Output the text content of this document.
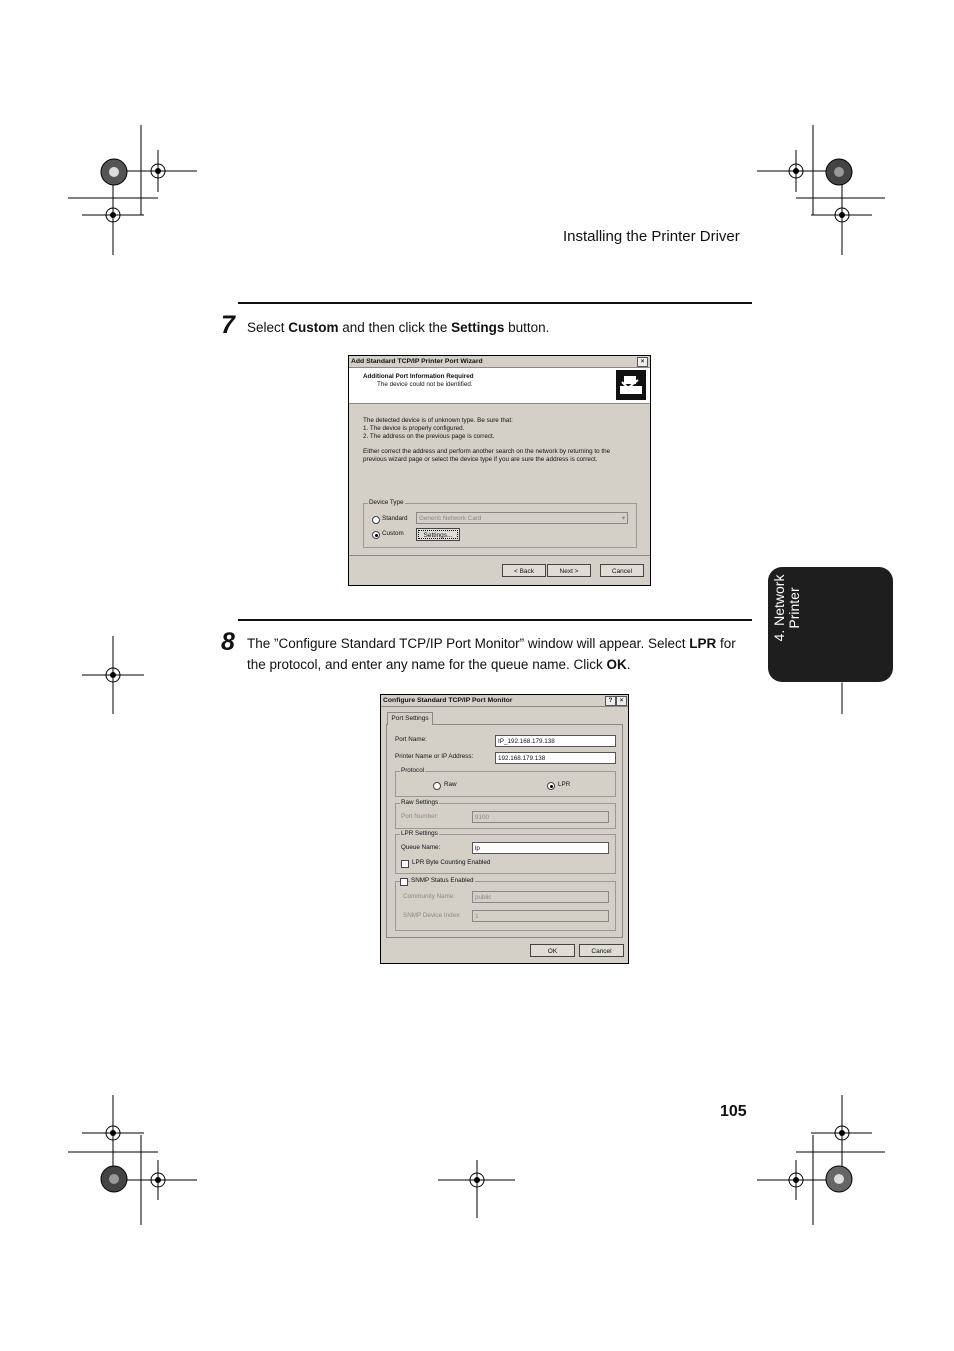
Installing the Printer Driver
4. Network Printer
7 Select Custom and then click the Settings button.
Add Standard TCP/IP Printer Port Wizard	×
Additional Port Information Required
The device could not be identified.
The detected device is of unknown type. Be sure that:
1. The device is properly configured.
2. The address on the previous page is correct.
Either correct the address and perform another search on the network by returning to the
previous wizard page or select the device type if you are sure the address is correct.
Device Type
Standard	Generic Network Card	▾
Custom	Settings...
< Back	Next >	Cancel
8 The ”Configure Standard TCP/IP Port Monitor” window will appear. Select LPR for the protocol, and enter any name for the queue name. Click OK.
Configure Standard TCP/IP Port Monitor	?	×
Port Settings
Port Name:	IP_192.168.179.138
Printer Name or IP Address:	192.168.179.138
Protocol
Raw	LPR
Raw Settings
Port Number:	9100
LPR Settings
Queue Name:	lp
LPR Byte Counting Enabled
SNMP Status Enabled
Community Name:	public
SNMP Device Index:	1
OK	Cancel
105
